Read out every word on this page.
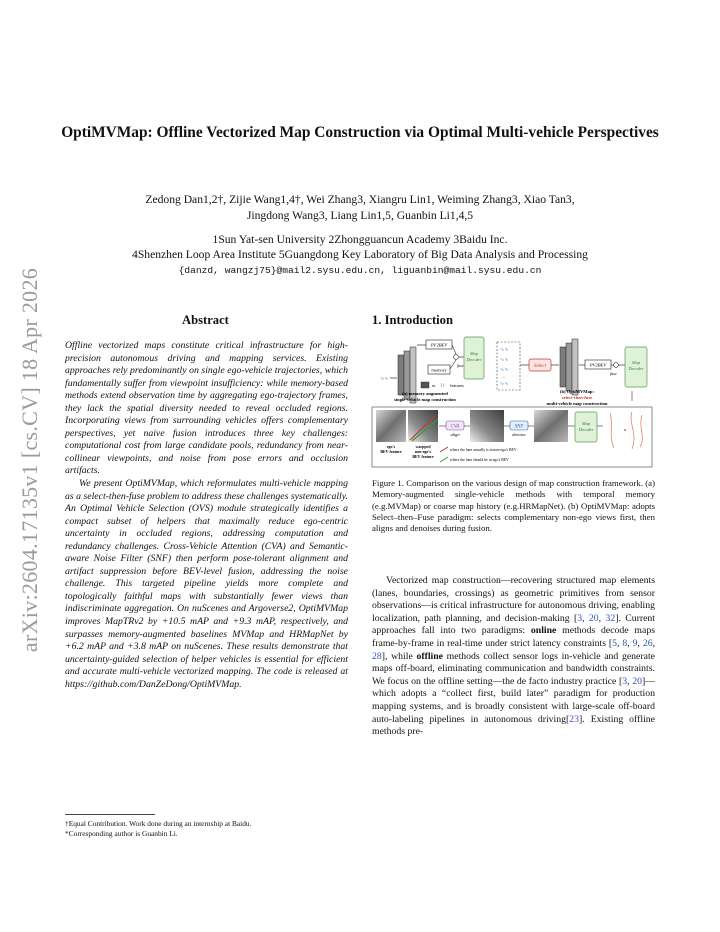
arXiv:2604.17135v1 [cs.CV] 18 Apr 2026
OptiMVMap: Offline Vectorized Map Construction via Optimal Multi-vehicle Perspectives
Zedong Dan1,2†, Zijie Wang1,4†, Wei Zhang3, Xiangru Lin1, Weiming Zhang3, Xiao Tan3,
Jingdong Wang3, Liang Lin1,5, Guanbin Li1,4,5
1Sun Yat-sen University 2Zhongguancun Academy 3Baidu Inc.
4Shenzhen Loop Area Institute 5Guangdong Key Laboratory of Big Data Analysis and Processing
{danzd, wangzj75}@mail2.sysu.edu.cn, liguanbin@mail.sysu.edu.cn
Abstract	1. Introduction

Offline vectorized maps constitute critical infrastructure for high-precision autonomous driving and mapping services. Existing approaches rely predominantly on single ego-vehicle trajectories, which fundamentally suffer from viewpoint insufficiency: while memory-based methods extend observation time by aggregating ego-trajectory frames, they lack the spatial diversity needed to reveal occluded regions. Incorporating views from surrounding vehicles offers complementary perspectives, yet naive fusion introduces three key challenges: computational cost from large candidate pools, redundancy from near-collinear viewpoints, and noise from pose errors and occlusion artifacts.

We present OptiMVMap, which reformulates multi-vehicle mapping as a select-then-fuse problem to address these challenges systematically. An Optimal Vehicle Selection (OVS) module strategically identifies a compact subset of helpers that maximally reduce ego-centric uncertainty in occluded regions, addressing computation and redundancy challenges. Cross-Vehicle Attention (CVA) and Semantic-aware Noise Filter (SNF) then perform pose-tolerant alignment and artifact suppression before BEV-level fusion, addressing the noise challenge. This targeted pipeline yields more complete and topologically faithful maps with substantially fewer views than indiscriminate aggregation. On nuScenes and Argoverse2, OptiMVMap improves MapTRv2 by +10.5 mAP and +9.3 mAP, respectively, and surpasses memory-augmented baselines MVMap and HRMapNet by +6.2 mAP and +3.8 mAP on nuScenes. These results demonstrate that uncertainty-guided selection of helper vehicles is essential for efficient and accurate multi-vehicle vectorized mapping. The code is released at https://github.com/DanZeDong/OptiMVMap.

†Equal Contribution. Work done during an internship at Baidu.
*Corresponding author is Guanbin Li.
∿∿
PV2BEV
memory
fuse
Map
Decoder
or ⌇⌇ features
(a) memory augmented
single-vehicle map construction
∿∿
∿∿
∿∿
...
∿∿
Select	PV2BEV
fuse
Map
Decoder
(b) OptiMVMap:
select-then-fuse
multi-vehicle map construction
ego's
BEV feature
warpped
non-ego's
BEV feature
CVA
align
SNF
denoise
Map
Decoder
where the lane actually is in non-ego's BEV
where the lane should be in ego's BEV
Figure 1. Comparison on the various design of map construction framework. (a) Memory-augmented single-vehicle methods with temporal memory (e.g.MVMap) or coarse map history (e.g.HRMapNet). (b) OptiMVMap: adopts Select–then–Fuse paradigm: selects complementary non-ego views first, then aligns and denoises during fusion.
Vectorized map construction—recovering structured map elements (lanes, boundaries, crossings) as geometric primitives from sensor observations—is critical infrastructure for autonomous driving, enabling localization, path planning, and decision-making [3, 20, 32]. Current approaches fall into two paradigms: online methods decode maps frame-by-frame in real-time under strict latency constraints [5, 8, 9, 26, 28], while offline methods collect sensor logs in-vehicle and generate maps off-board, eliminating communication and bandwidth constraints. We focus on the offline setting—the de facto industry practice [3, 20]—which adopts a “collect first, build later” paradigm for production mapping systems, and is broadly consistent with large-scale off-board auto-labeling pipelines in autonomous driving[23]. Existing offline methods pre-
